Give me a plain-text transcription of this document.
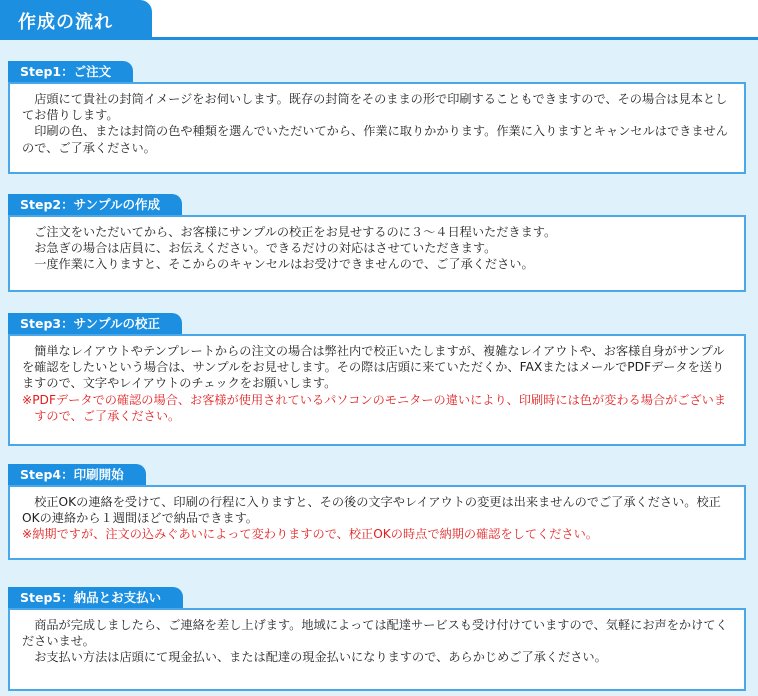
作成の流れ
Step1：ご注文

店頭にて貴社の封筒イメージをお伺いします。既存の封筒をそのままの形で印刷することもできますので、その場合は見本としてお借りします。

印刷の色、または封筒の色や種類を選んでいただいてから、作業に取りかかります。作業に入りますとキャンセルはできませんので、ご了承ください。

Step2：サンプルの作成

ご注文をいただいてから、お客様にサンプルの校正をお見せするのに３～４日程いただきます。

お急ぎの場合は店員に、お伝えください。できるだけの対応はさせていただきます。

一度作業に入りますと、そこからのキャンセルはお受けできませんので、ご了承ください。

Step3：サンプルの校正

簡単なレイアウトやテンプレートからの注文の場合は弊社内で校正いたしますが、複雑なレイアウトや、お客様自身がサンプルを確認をしたいという場合は、サンプルをお見せします。その際は店頭に来ていただくか、FAXまたはメールでPDFデータを送りますので、文字やレイアウトのチェックをお願いします。

※PDFデータでの確認の場合、お客様が使用されているパソコンのモニターの違いにより、印刷時には色が変わる場合がございますので、ご了承ください。

Step4：印刷開始

校正OKの連絡を受けて、印刷の行程に入りますと、その後の文字やレイアウトの変更は出来ませんのでご了承ください。校正OKの連絡から１週間ほどで納品できます。

※納期ですが、注文の込みぐあいによって変わりますので、校正OKの時点で納期の確認をしてください。

Step5：納品とお支払い

商品が完成しましたら、ご連絡を差し上げます。地域によっては配達サービスも受け付けていますので、気軽にお声をかけてくださいませ。

お支払い方法は店頭にて現金払い、または配達の現金払いになりますので、あらかじめご了承ください。
